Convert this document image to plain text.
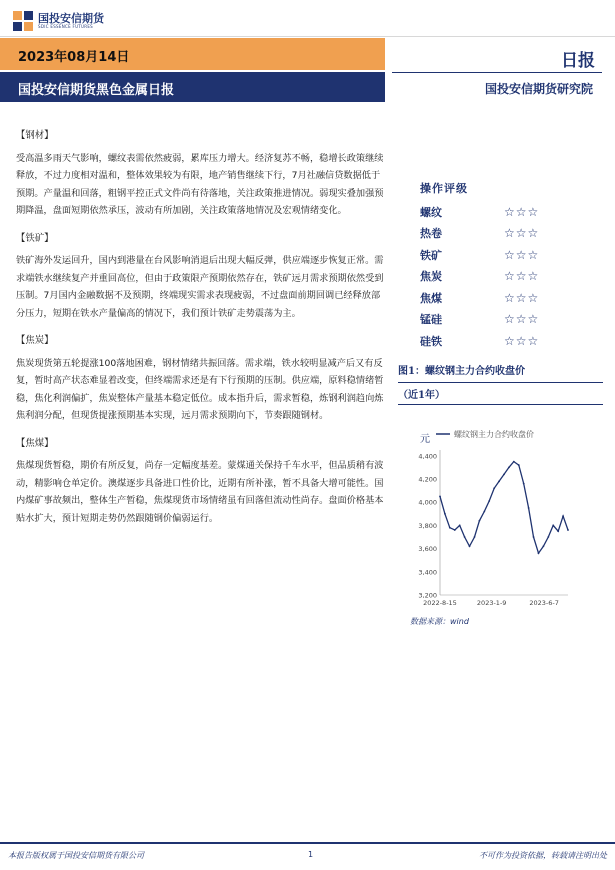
国投安信期货
SDIC ESSENCE FUTURES
2023年08月14日
国投安信期货黑色金属日报
日报
国投安信期货研究院

【钢材】

受高温多雨天气影响，螺纹表需依然疲弱，累库压力增大。经济复苏不畅，稳增长政策继续释放，不过力度相对温和，整体效果较为有限，地产销售继续下行，7月社融信贷数据低于预期。产量温和回落，粗钢平控正式文件尚有待落地，关注政策推进情况。弱现实叠加强预期降温，盘面短期依然承压，波动有所加剧，关注政策落地情况及宏观情绪变化。

【铁矿】

铁矿海外发运回升，国内到港量在台风影响消退后出现大幅反弹，供应端逐步恢复正常。需求端铁水继续复产并重回高位，但由于政策限产预期依然存在，铁矿远月需求预期依然受到压制。7月国内金融数据不及预期，终端现实需求表现疲弱，不过盘面前期回调已经释放部分压力，短期在铁水产量偏高的情况下，我们预计铁矿走势震荡为主。

【焦炭】

焦炭现货第五轮提涨100落地困难，钢材情绪共振回落。需求端，铁水较明显减产后又有反复，暂时高产状态难显着改变，但终端需求还是有下行预期的压制。供应端，原料稳情绪暂稳，焦化利润偏扩，焦炭整体产量基本稳定低位。成本指升后，需求暂稳，炼钢利润趋向炼焦利润分配，但现货提涨预期基本实现，远月需求预期向下，节奏跟随钢材。

【焦煤】

焦煤现货暂稳，期价有所反复，尚存一定幅度基差。蒙煤通关保持千车水平，但品质稍有波动，精影响仓单定价。澳煤逐步具备进口性价比，近期有所补涨，暂不具备大增可能性。国内煤矿事故频出，整体生产暂稳，焦煤现货市场情绪虽有回落但流动性尚存。盘面价格基本贴水扩大，预计短期走势仍然跟随钢价偏弱运行。

操作评级
螺纹	☆☆☆
热卷	☆☆☆
铁矿	☆☆☆
焦炭	☆☆☆
焦煤	☆☆☆
锰硅	☆☆☆
硅铁	☆☆☆
图1：螺纹钢主力合约收盘价
（近1年）
元	螺纹钢主力合约收盘价
3,200
3,400
3,600
3,800
4,000
4,200
4,400
2022-8-15	2023-1-9	2023-6-7
数据来源：wind
本报告版权属于国投安信期货有限公司	1	不可作为投资依据，转载请注明出处
